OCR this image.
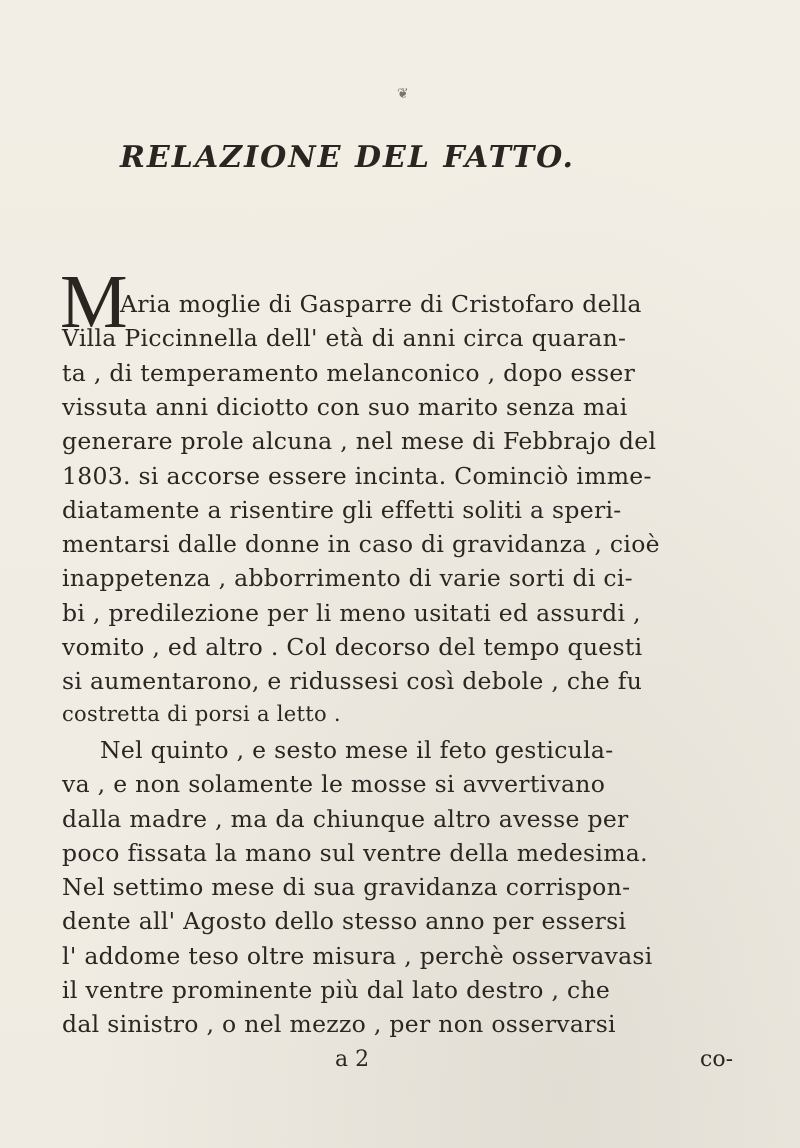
❦
RELAZIONE DEL FATTO.
M
Aria moglie di Gasparre di Cristofaro della
Villa Piccinnella dell' età di anni circa quaran-
ta , di temperamento melanconico , dopo esser
vissuta anni diciotto con suo marito senza mai
generare prole alcuna , nel mese di Febbrajo del
1803. si accorse essere incinta. Cominciò imme-
diatamente a risentire gli effetti soliti a speri-
mentarsi dalle donne in caso di gravidanza , cioè
inappetenza , abborrimento di varie sorti di ci-
bi , predilezione per li meno usitati ed assurdi ,
vomito , ed altro . Col decorso del tempo questi
si aumentarono, e ridussesi così debole , che fu
costretta di porsi a letto .
Nel quinto , e sesto mese il feto gesticula-
va , e non solamente le mosse si avvertivano
dalla madre , ma da chiunque altro avesse per
poco fissata la mano sul ventre della medesima.
Nel settimo mese di sua gravidanza corrispon-
dente all' Agosto dello stesso anno per essersi
l' addome teso oltre misura , perchè osservavasi
il ventre prominente più dal lato destro , che
dal sinistro , o nel mezzo , per non osservarsi
a 2	co-
